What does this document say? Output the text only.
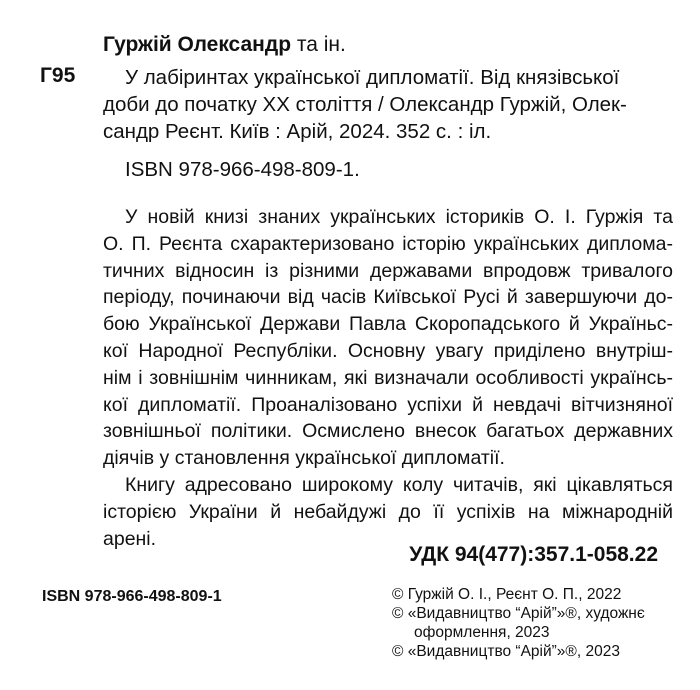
Гуржій Олександр та ін.
Г95	У лабіринтах української дипломатії. Від князівської
доби до початку XX століття / Олександр Гуржій, Олек-
сандр Реєнт. Київ : Арій, 2024. 352 с. : іл.
ISBN 978-966-498-809-1.
У новій книзі знаних українських істориків О. І. Гуржія та
О. П. Реєнта схарактеризовано історію українських диплома-
тичних відносин із різними державами впродовж тривалого
періоду, починаючи від часів Київської Русі й завершуючи до-
бою Української Держави Павла Скоропадського й Україньс-
кої Народної Республіки. Основну увагу приділено внутріш-
нім і зовнішнім чинникам, які визначали особливості українсь-
кої дипломатії. Проаналізовано успіхи й невдачі вітчизняної
зовнішньої політики. Осмислено внесок багатьох державних
діячів у становлення української дипломатії.
Книгу адресовано широкому колу читачів, які цікавляться
історією України й небайдужі до її успіхів на міжнародній
арені.
УДК 94(477):357.1-058.22
ISBN 978-966-498-809-1	© Гуржій О. І., Реєнт О. П., 2022
© «Видавництво “Арій”»®, художнє
оформлення, 2023
© «Видавництво “Арій”»®, 2023
